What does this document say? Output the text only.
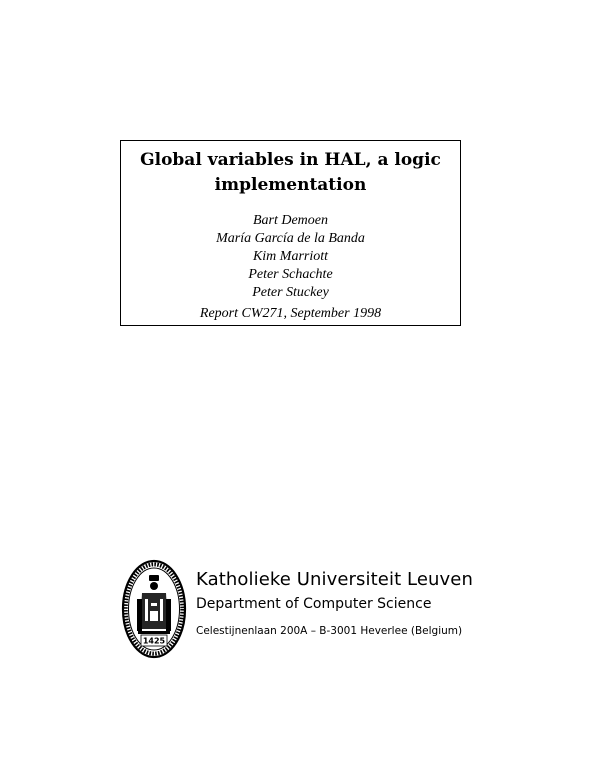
Global variables in HAL, a logic implementation
Bart Demoen
María García de la Banda
Kim Marriott
Peter Schachte
Peter Stuckey
Report CW271, September 1998
1425
Katholieke Universiteit Leuven
Department of Computer Science
Celestijnenlaan 200A – B-3001 Heverlee (Belgium)
